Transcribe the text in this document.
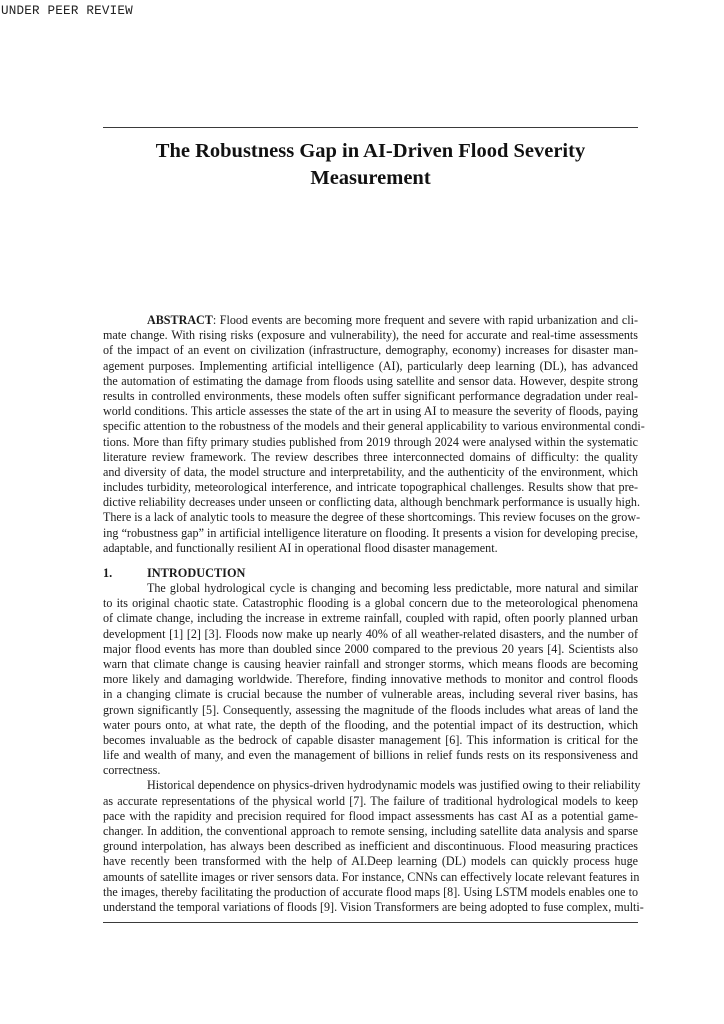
UNDER PEER REVIEW
The Robustness Gap in AI-Driven Flood Severity
Measurement
ABSTRACT: Flood events are becoming more frequent and severe with rapid urbanization and cli-
mate change. With rising risks (exposure and vulnerability), the need for accurate and real-time assessments
of the impact of an event on civilization (infrastructure, demography, economy) increases for disaster man-
agement purposes. Implementing artificial intelligence (AI), particularly deep learning (DL), has advanced
the automation of estimating the damage from floods using satellite and sensor data. However, despite strong
results in controlled environments, these models often suffer significant performance degradation under real-
world conditions. This article assesses the state of the art in using AI to measure the severity of floods, paying
specific attention to the robustness of the models and their general applicability to various environmental condi-
tions. More than fifty primary studies published from 2019 through 2024 were analysed within the systematic
literature review framework. The review describes three interconnected domains of difficulty: the quality
and diversity of data, the model structure and interpretability, and the authenticity of the environment, which
includes turbidity, meteorological interference, and intricate topographical challenges. Results show that pre-
dictive reliability decreases under unseen or conflicting data, although benchmark performance is usually high.
There is a lack of analytic tools to measure the degree of these shortcomings. This review focuses on the grow-
ing “robustness gap” in artificial intelligence literature on flooding. It presents a vision for developing precise,
adaptable, and functionally resilient AI in operational flood disaster management.
1.	INTRODUCTION
The global hydrological cycle is changing and becoming less predictable, more natural and similar
to its original chaotic state. Catastrophic flooding is a global concern due to the meteorological phenomena
of climate change, including the increase in extreme rainfall, coupled with rapid, often poorly planned urban
development [1] [2] [3]. Floods now make up nearly 40% of all weather-related disasters, and the number of
major flood events has more than doubled since 2000 compared to the previous 20 years [4]. Scientists also
warn that climate change is causing heavier rainfall and stronger storms, which means floods are becoming
more likely and damaging worldwide. Therefore, finding innovative methods to monitor and control floods
in a changing climate is crucial because the number of vulnerable areas, including several river basins, has
grown significantly [5]. Consequently, assessing the magnitude of the floods includes what areas of land the
water pours onto, at what rate, the depth of the flooding, and the potential impact of its destruction, which
becomes invaluable as the bedrock of capable disaster management [6]. This information is critical for the
life and wealth of many, and even the management of billions in relief funds rests on its responsiveness and
correctness.
Historical dependence on physics-driven hydrodynamic models was justified owing to their reliability
as accurate representations of the physical world [7]. The failure of traditional hydrological models to keep
pace with the rapidity and precision required for flood impact assessments has cast AI as a potential game-
changer. In addition, the conventional approach to remote sensing, including satellite data analysis and sparse
ground interpolation, has always been described as inefficient and discontinuous. Flood measuring practices
have recently been transformed with the help of AI.Deep learning (DL) models can quickly process huge
amounts of satellite images or river sensors data. For instance, CNNs can effectively locate relevant features in
the images, thereby facilitating the production of accurate flood maps [8]. Using LSTM models enables one to
understand the temporal variations of floods [9]. Vision Transformers are being adopted to fuse complex, multi-
